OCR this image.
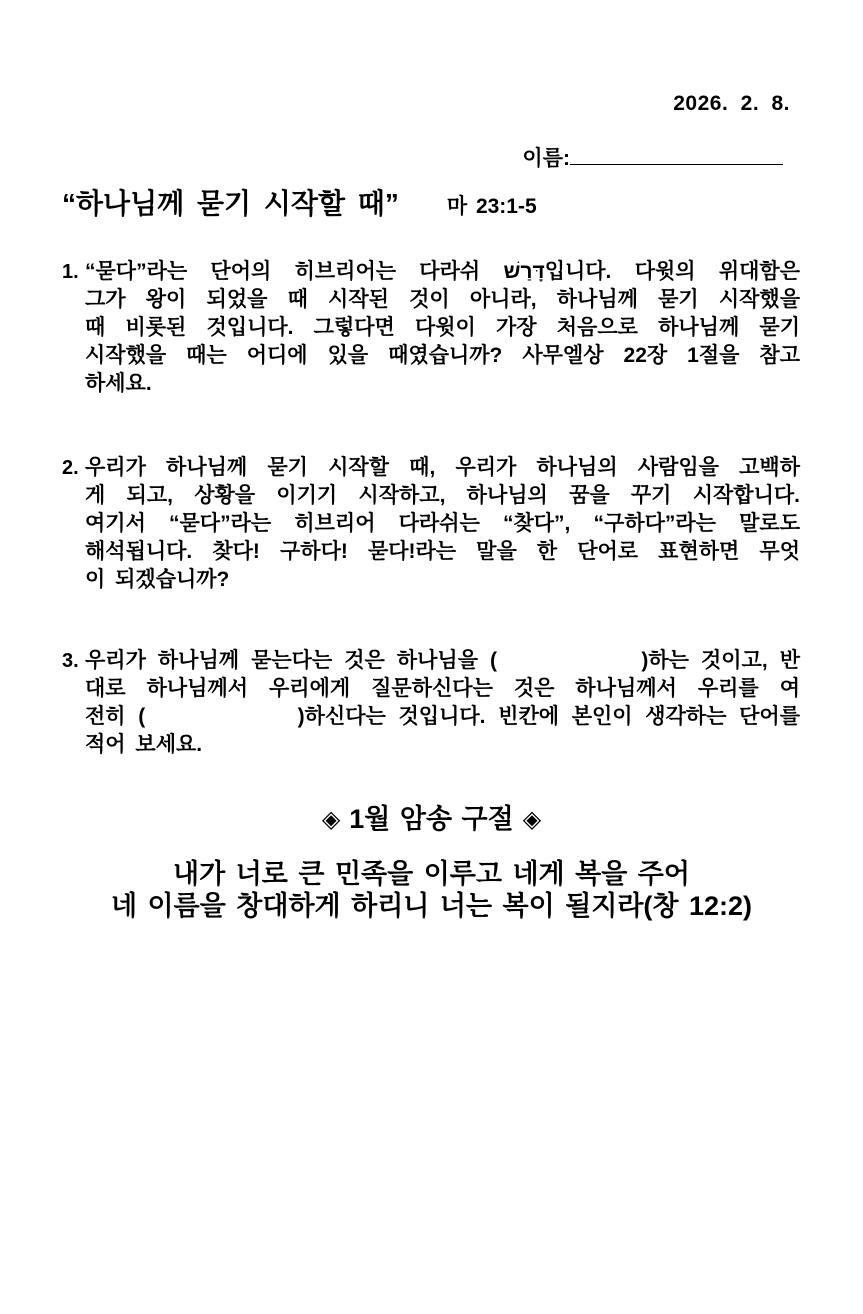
2026. 2. 8.
이름:
“하나님께 묻기 시작할 때” 마 23:1-5
1. “묻다”라는 단어의 히브리어는 다라쉬 דָּרַשׁ입니다. 다윗의 위대함은
그가 왕이 되었을 때 시작된 것이 아니라, 하나님께 묻기 시작했을
때 비롯된 것입니다. 그렇다면 다윗이 가장 처음으로 하나님께 묻기
시작했을 때는 어디에 있을 때였습니까? 사무엘상 22장 1절을 참고
하세요.
2. 우리가 하나님께 묻기 시작할 때, 우리가 하나님의 사람임을 고백하
게 되고, 상황을 이기기 시작하고, 하나님의 꿈을 꾸기 시작합니다.
여기서 “묻다”라는 히브리어 다라쉬는 “찾다”, “구하다”라는 말로도
해석됩니다. 찾다! 구하다! 묻다!라는 말을 한 단어로 표현하면 무엇
이 되겠습니까?
3. 우리가 하나님께 묻는다는 것은 하나님을 (            )하는 것이고, 반
대로 하나님께서 우리에게 질문하신다는 것은 하나님께서 우리를 여
전히 (            )하신다는 것입니다. 빈칸에 본인이 생각하는 단어를
적어 보세요.
◈ 1월 암송 구절 ◈
내가 너로 큰 민족을 이루고 네게 복을 주어
네 이름을 창대하게 하리니 너는 복이 될지라(창 12:2)
